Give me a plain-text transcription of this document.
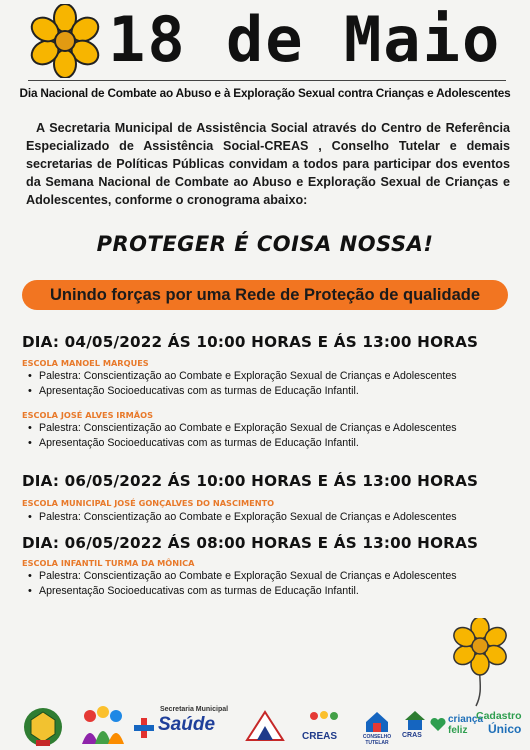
18 de Maio
Dia Nacional de Combate ao Abuso e à Exploração Sexual contra Crianças e Adolescentes
A Secretaria Municipal de Assistência Social através do Centro de Referência Especializado de Assistência Social-CREAS , Conselho Tutelar e demais secretarias de Políticas Públicas convidam a todos para participar dos eventos da Semana Nacional de Combate ao Abuso e Exploração Sexual de Crianças e Adolescentes, conforme o cronograma abaixo:
PROTEGER É COISA NOSSA!
Unindo forças por uma Rede de Proteção de qualidade
DIA: 04/05/2022 ÁS 10:00 HORAS E ÁS 13:00 HORAS
ESCOLA MANOEL MARQUES
• Palestra: Conscientização ao Combate e Exploração Sexual de Crianças e Adolescentes
• Apresentação Socioeducativas com as turmas de Educação Infantil.
ESCOLA JOSÉ ALVES IRMÃOS
• Palestra: Conscientização ao Combate e Exploração Sexual de Crianças e Adolescentes
• Apresentação Socioeducativas com as turmas de Educação Infantil.
DIA: 06/05/2022 ÁS 10:00 HORAS E ÁS 13:00 HORAS
ESCOLA MUNICIPAL JOSÉ GONÇALVES DO NASCIMENTO
• Palestra: Conscientização ao Combate e Exploração Sexual de Crianças e Adolescentes
DIA: 06/05/2022 ÁS 08:00 HORAS E ÁS 13:00 HORAS
ESCOLA INFANTIL TURMA DA MÔNICA
• Palestra: Conscientização ao Combate e Exploração Sexual de Crianças e Adolescentes
• Apresentação Socioeducativas com as turmas de Educação Infantil.
Secretaria Municipal
Saúde
CREAS	CONSELHO TUTELAR
CRAS
criança
feliz
Cadastro
Único
